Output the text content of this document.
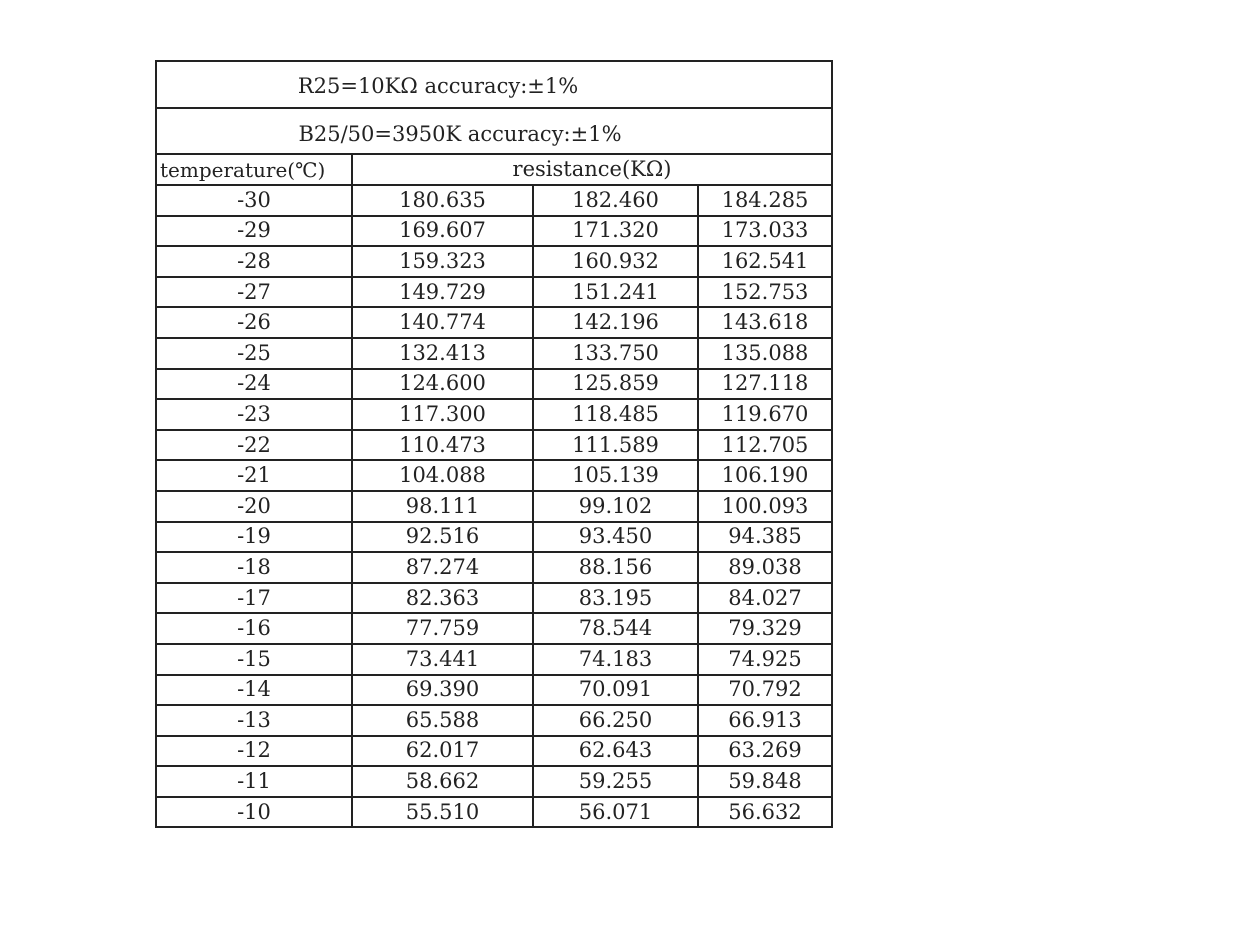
R25=10KΩ accuracy:±1%			
B25/50=3950K accuracy:±1%			
temperature(℃)	resistance(KΩ)		
-30	180.635	182.460	184.285
-29	169.607	171.320	173.033
-28	159.323	160.932	162.541
-27	149.729	151.241	152.753
-26	140.774	142.196	143.618
-25	132.413	133.750	135.088
-24	124.600	125.859	127.118
-23	117.300	118.485	119.670
-22	110.473	111.589	112.705
-21	104.088	105.139	106.190
-20	98.111	99.102	100.093
-19	92.516	93.450	94.385
-18	87.274	88.156	89.038
-17	82.363	83.195	84.027
-16	77.759	78.544	79.329
-15	73.441	74.183	74.925
-14	69.390	70.091	70.792
-13	65.588	66.250	66.913
-12	62.017	62.643	63.269
-11	58.662	59.255	59.848
-10	55.510	56.071	56.632
